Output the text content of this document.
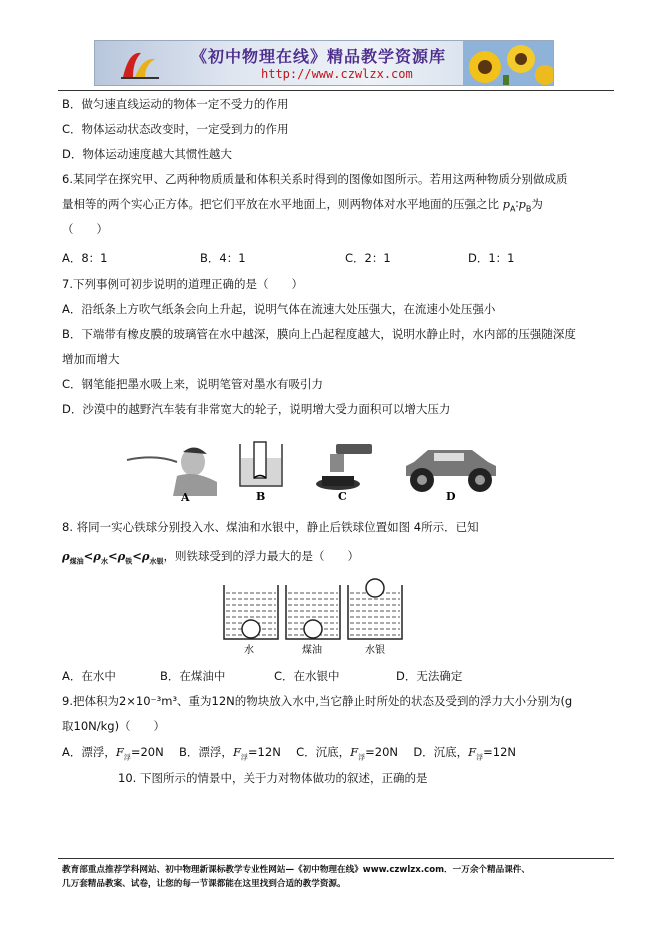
《初中物理在线》精品教学资源库
http://www.czwlzx.com
B．做匀速直线运动的物体一定不受力的作用
C．物体运动状态改变时，一定受到力的作用
D．物体运动速度越大其惯性越大
6.某同学在探究甲、乙两种物质质量和体积关系时得到的图像如图所示。若用这两种物质分别做成质
量相等的两个实心正方体。把它们平放在水平地面上，则两物体对水平地面的压强之比 $p_A∶p_B$为
（　　）
A．8：1	B．4：1	C．2：1	D．1：1
7.下列事例可初步说明的道理正确的是（　　）
A．沿纸条上方吹气纸条会向上升起，说明气体在流速大处压强大，在流速小处压强小
B．下端带有橡皮膜的玻璃管在水中越深，膜向上凸起程度越大，说明水静止时，水内部的压强随深度
增加而增大
C．钢笔能把墨水吸上来，说明笔管对墨水有吸引力
D．沙漠中的越野汽车装有非常宽大的轮子，说明增大受力面积可以增大压力
A	B	C	D
8. 将同一实心铁球分别投入水、煤油和水银中，静止后铁球位置如图 4所示．已知
$\rho_{煤油}<\rho_水<\rho_铁<\rho_{水银}$，则铁球受到的浮力最大的是（　　）
水	煤油	水银
A．在水中	B．在煤油中	C．在水银中	D．无法确定
9.把体积为2×10⁻³m³、重为12N的物块放入水中,当它静止时所处的状态及受到的浮力大小分别为(g
取10N/kg)（　　）
A．漂浮，$F_浮=20N$ B．漂浮，$F_浮=12N$ C．沉底，$F_浮=20N$ D．沉底，$F_浮=12N$
10. 下图所示的情景中，关于力对物体做功的叙述，正确的是
教育部重点推荐学科网站、初中物理新课标教学专业性网站—《初中物理在线》www.czwlzx.com．一万余个精品课件、
几万套精品教案、试卷，让您的每一节课都能在这里找到合适的教学资源。
